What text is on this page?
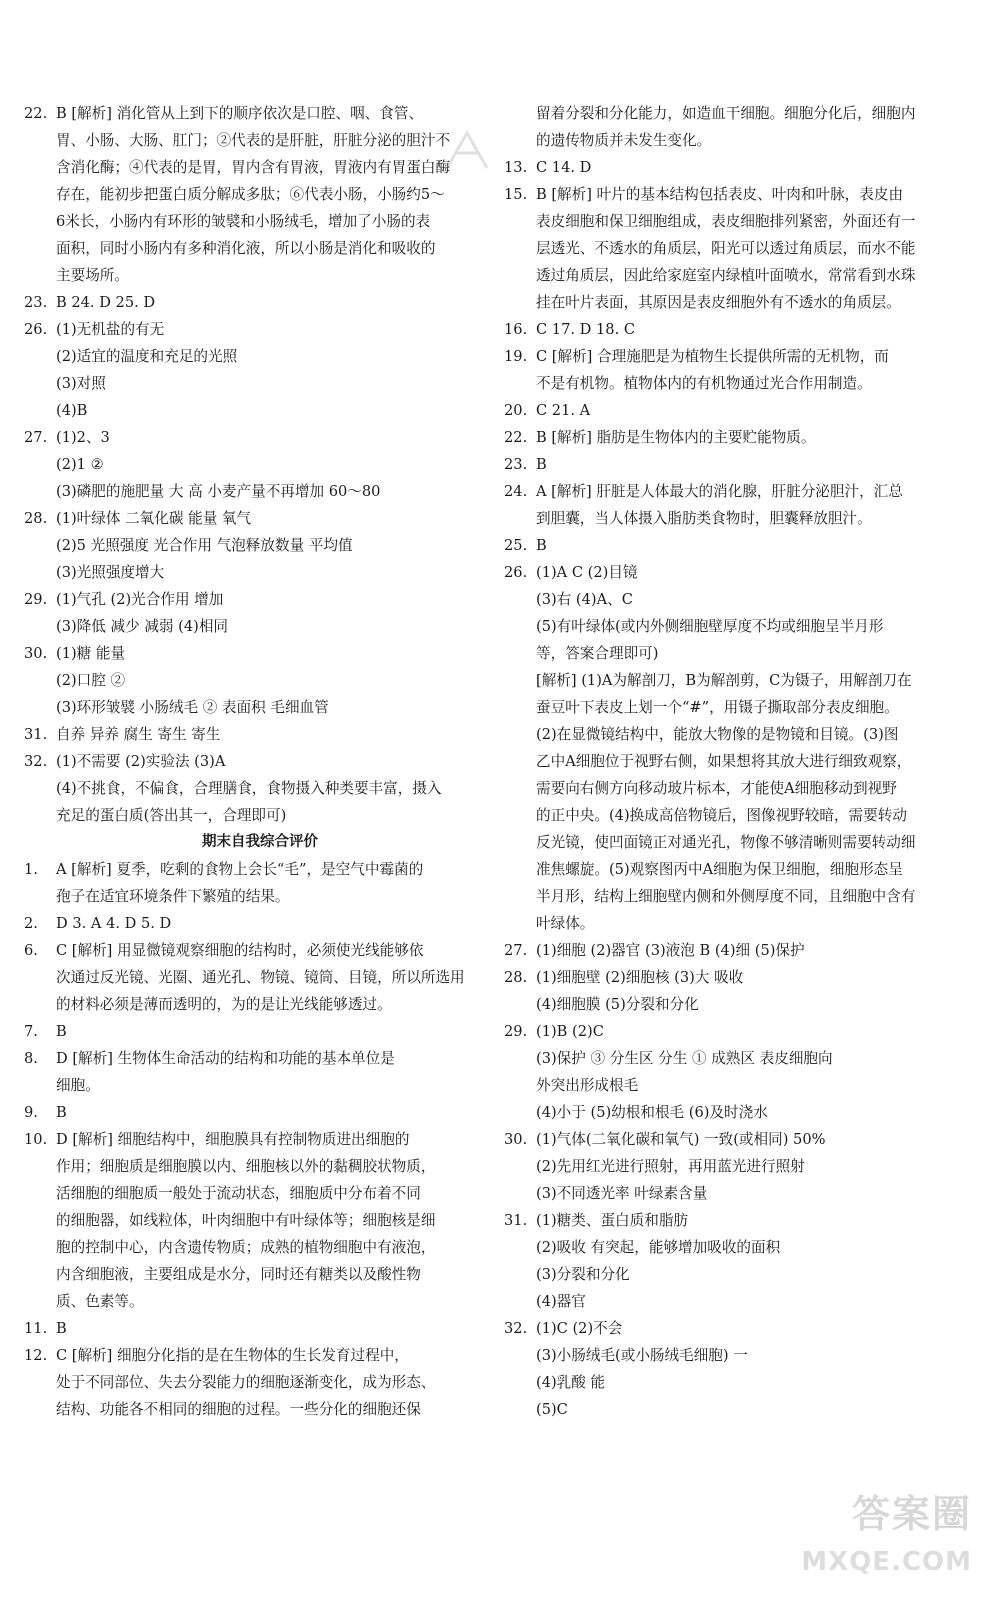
22. B [解析] 消化管从上到下的顺序依次是口腔、咽、食管、
胃、小肠、大肠、肛门；②代表的是肝脏，肝脏分泌的胆汁不
含消化酶；④代表的是胃，胃内含有胃液，胃液内有胃蛋白酶
存在，能初步把蛋白质分解成多肽；⑥代表小肠，小肠约5～
6米长，小肠内有环形的皱襞和小肠绒毛，增加了小肠的表
面积，同时小肠内有多种消化液，所以小肠是消化和吸收的
主要场所。
23. B 24. D 25. D
26. (1)无机盐的有无
(2)适宜的温度和充足的光照
(3)对照
(4)B
27. (1)2、3
(2)1 ②
(3)磷肥的施肥量 大 高 小麦产量不再增加 60～80
28. (1)叶绿体 二氧化碳 能量 氧气
(2)5 光照强度 光合作用 气泡释放数量 平均值
(3)光照强度增大
29. (1)气孔 (2)光合作用 增加
(3)降低 减少 减弱 (4)相同
30. (1)糖 能量
(2)口腔 ②
(3)环形皱襞 小肠绒毛 ② 表面积 毛细血管
31. 自养 异养 腐生 寄生 寄生
32. (1)不需要 (2)实验法 (3)A
(4)不挑食，不偏食，合理膳食，食物摄入种类要丰富，摄入
充足的蛋白质(答出其一，合理即可)
期末自我综合评价
1. A [解析] 夏季，吃剩的食物上会长“毛”，是空气中霉菌的
孢子在适宜环境条件下繁殖的结果。
2. D 3. A 4. D 5. D
6. C [解析] 用显微镜观察细胞的结构时，必须使光线能够依
次通过反光镜、光圈、通光孔、物镜、镜筒、目镜，所以所选用
的材料必须是薄而透明的，为的是让光线能够透过。
7. B
8. D [解析] 生物体生命活动的结构和功能的基本单位是
细胞。
9. B
10. D [解析] 细胞结构中，细胞膜具有控制物质进出细胞的
作用；细胞质是细胞膜以内、细胞核以外的黏稠胶状物质，
活细胞的细胞质一般处于流动状态，细胞质中分布着不同
的细胞器，如线粒体，叶肉细胞中有叶绿体等；细胞核是细
胞的控制中心，内含遗传物质；成熟的植物细胞中有液泡，
内含细胞液，主要组成是水分，同时还有糖类以及酸性物
质、色素等。
11. B
12. C [解析] 细胞分化指的是在生物体的生长发育过程中，
处于不同部位、失去分裂能力的细胞逐渐变化，成为形态、
结构、功能各不相同的细胞的过程。一些分化的细胞还保
留着分裂和分化能力，如造血干细胞。细胞分化后，细胞内
的遗传物质并未发生变化。
13. C 14. D
15. B [解析] 叶片的基本结构包括表皮、叶肉和叶脉，表皮由
表皮细胞和保卫细胞组成，表皮细胞排列紧密，外面还有一
层透光、不透水的角质层，阳光可以透过角质层，而水不能
透过角质层，因此给家庭室内绿植叶面喷水，常常看到水珠
挂在叶片表面，其原因是表皮细胞外有不透水的角质层。
16. C 17. D 18. C
19. C [解析] 合理施肥是为植物生长提供所需的无机物，而
不是有机物。植物体内的有机物通过光合作用制造。
20. C 21. A
22. B [解析] 脂肪是生物体内的主要贮能物质。
23. B
24. A [解析] 肝脏是人体最大的消化腺，肝脏分泌胆汁，汇总
到胆囊，当人体摄入脂肪类食物时，胆囊释放胆汁。
25. B
26. (1)A C (2)目镜
(3)右 (4)A、C
(5)有叶绿体(或内外侧细胞壁厚度不均或细胞呈半月形
等，答案合理即可)
[解析] (1)A为解剖刀，B为解剖剪，C为镊子，用解剖刀在
蚕豆叶下表皮上划一个“#”，用镊子撕取部分表皮细胞。
(2)在显微镜结构中，能放大物像的是物镜和目镜。(3)图
乙中A细胞位于视野右侧，如果想将其放大进行细致观察，
需要向右侧方向移动玻片标本，才能使A细胞移动到视野
的正中央。(4)换成高倍物镜后，图像视野较暗，需要转动
反光镜，使凹面镜正对通光孔，物像不够清晰则需要转动细
准焦螺旋。(5)观察图丙中A细胞为保卫细胞，细胞形态呈
半月形，结构上细胞壁内侧和外侧厚度不同，且细胞中含有
叶绿体。
27. (1)细胞 (2)器官 (3)液泡 B (4)细 (5)保护
28. (1)细胞壁 (2)细胞核 (3)大 吸收
(4)细胞膜 (5)分裂和分化
29. (1)B (2)C
(3)保护 ③ 分生区 分生 ① 成熟区 表皮细胞向
外突出形成根毛
(4)小于 (5)幼根和根毛 (6)及时浇水
30. (1)气体(二氧化碳和氧气) 一致(或相同) 50%
(2)先用红光进行照射，再用蓝光进行照射
(3)不同透光率 叶绿素含量
31. (1)糖类、蛋白质和脂肪
(2)吸收 有突起，能够增加吸收的面积
(3)分裂和分化
(4)器官
32. (1)C (2)不会
(3)小肠绒毛(或小肠绒毛细胞) 一
(4)乳酸 能
(5)C
答案圈
MXQE.COM
